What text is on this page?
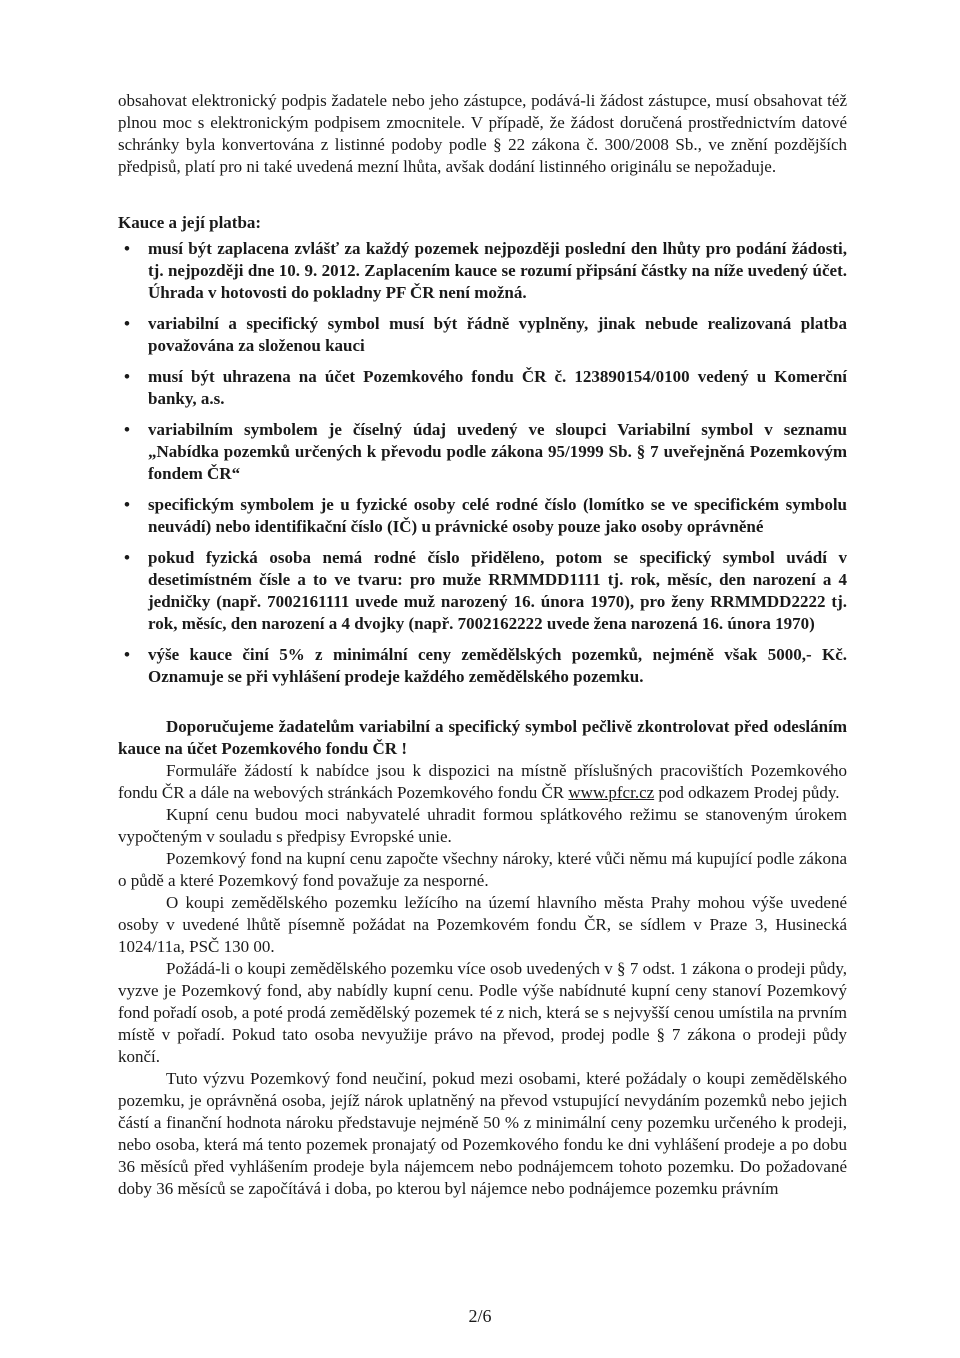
obsahovat elektronický podpis žadatele nebo jeho zástupce, podává-li žádost zástupce, musí obsahovat též plnou moc s elektronickým podpisem zmocnitele. V případě, že žádost doručená prostřednictvím datové schránky byla konvertována z listinné podoby podle § 22 zákona č. 300/2008 Sb., ve znění pozdějších předpisů, platí pro ni také uvedená mezní lhůta, avšak dodání listinného originálu se nepožaduje.

Kauce a její platba:

• musí být zaplacena zvlášť za každý pozemek nejpozději poslední den lhůty pro podání žádosti, tj. nejpozději dne 10. 9. 2012. Zaplacením kauce se rozumí připsání částky na níže uvedený účet. Úhrada v hotovosti do pokladny PF ČR není možná.
• variabilní a specifický symbol musí být řádně vyplněny, jinak nebude realizovaná platba považována za složenou kauci
• musí být uhrazena na účet Pozemkového fondu ČR č. 123890154/0100 vedený u Komerční banky, a.s.
• variabilním symbolem je číselný údaj uvedený ve sloupci Variabilní symbol v seznamu „Nabídka pozemků určených k převodu podle zákona 95/1999 Sb. § 7 uveřejněná Pozemkovým fondem ČR“
• specifickým symbolem je u fyzické osoby celé rodné číslo (lomítko se ve specifickém symbolu neuvádí) nebo identifikační číslo (IČ) u právnické osoby pouze jako osoby oprávněné
• pokud fyzická osoba nemá rodné číslo přiděleno, potom se specifický symbol uvádí v desetimístném čísle a to ve tvaru: pro muže RRMMDD1111 tj. rok, měsíc, den narození a 4 jedničky (např. 7002161111 uvede muž narozený 16. února 1970), pro ženy RRMMDD2222 tj. rok, měsíc, den narození a 4 dvojky (např. 7002162222 uvede žena narozená 16. února 1970)
• výše kauce činí 5% z minimální ceny zemědělských pozemků, nejméně však 5000,- Kč. Oznamuje se při vyhlášení prodeje každého zemědělského pozemku.

Doporučujeme žadatelům variabilní a specifický symbol pečlivě zkontrolovat před odesláním kauce na účet Pozemkového fondu ČR !

Formuláře žádostí k nabídce jsou k dispozici na místně příslušných pracovištích Pozemkového fondu ČR a dále na webových stránkách Pozemkového fondu ČR www.pfcr.cz pod odkazem Prodej půdy.

Kupní cenu budou moci nabyvatelé uhradit formou splátkového režimu se stanoveným úrokem vypočteným v souladu s předpisy Evropské unie.

Pozemkový fond na kupní cenu započte všechny nároky, které vůči němu má kupující podle zákona o půdě a které Pozemkový fond považuje za nesporné.

O koupi zemědělského pozemku ležícího na území hlavního města Prahy mohou výše uvedené osoby v uvedené lhůtě písemně požádat na Pozemkovém fondu ČR, se sídlem v Praze 3, Husinecká 1024/11a, PSČ 130 00.

Požádá-li o koupi zemědělského pozemku více osob uvedených v § 7 odst. 1 zákona o prodeji půdy, vyzve je Pozemkový fond, aby nabídly kupní cenu. Podle výše nabídnuté kupní ceny stanoví Pozemkový fond pořadí osob, a poté prodá zemědělský pozemek té z nich, která se s nejvyšší cenou umístila na prvním místě v pořadí. Pokud tato osoba nevyužije právo na převod, prodej podle § 7 zákona o prodeji půdy končí.

Tuto výzvu Pozemkový fond neučiní, pokud mezi osobami, které požádaly o koupi zemědělského pozemku, je oprávněná osoba, jejíž nárok uplatněný na převod vstupující nevydáním pozemků nebo jejich částí a finanční hodnota nároku představuje nejméně 50 % z minimální ceny pozemku určeného k prodeji, nebo osoba, která má tento pozemek pronajatý od Pozemkového fondu ke dni vyhlášení prodeje a po dobu 36 měsíců před vyhlášením prodeje byla nájemcem nebo podnájemcem tohoto pozemku. Do požadované doby 36 měsíců se započítává i doba, po kterou byl nájemce nebo podnájemce pozemku právním

2/6
